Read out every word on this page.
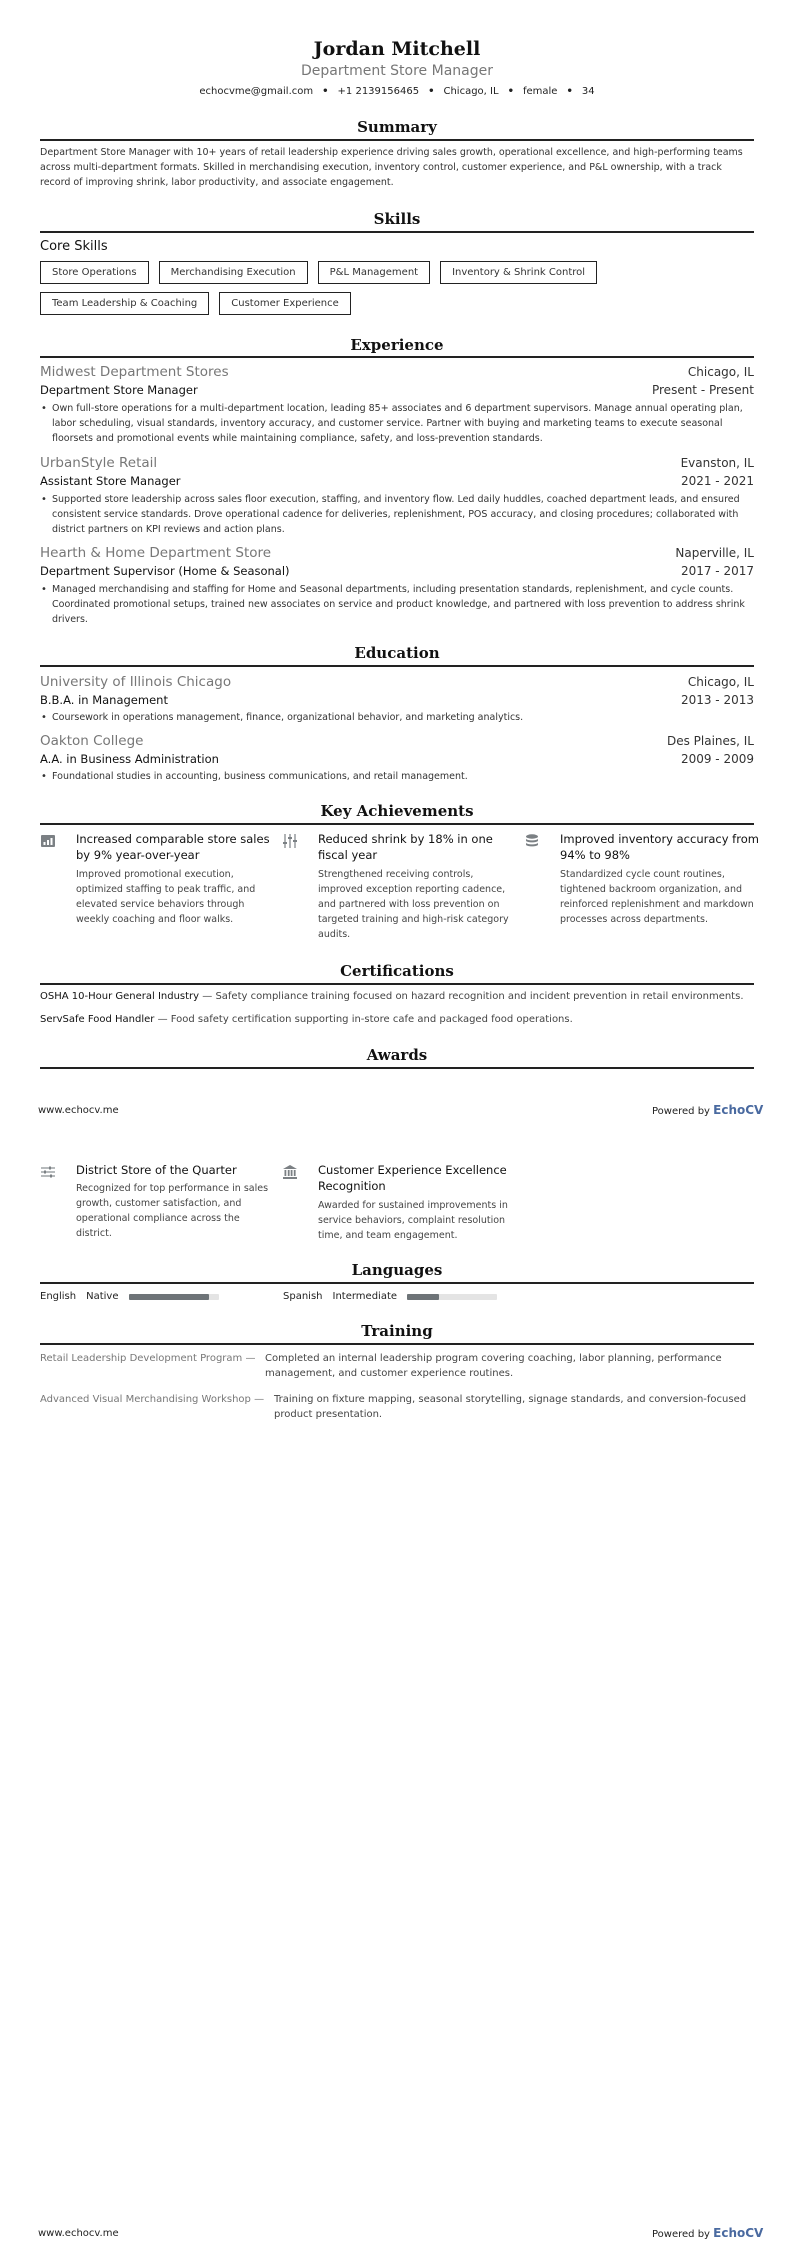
Jordan Mitchell
Department Store Manager
echocvme@gmail.com • +1 2139156465 • Chicago, IL • female • 34
Summary
Department Store Manager with 10+ years of retail leadership experience driving sales growth, operational excellence, and high-performing teams across multi-department formats. Skilled in merchandising execution, inventory control, customer experience, and P&L ownership, with a track record of improving shrink, labor productivity, and associate engagement.
Skills
Core Skills
Store Operations	Merchandising Execution	P&L Management	Inventory & Shrink Control
Team Leadership & Coaching	Customer Experience
Experience
Midwest Department Stores	Chicago, IL
Department Store Manager	Present - Present
• Own full-store operations for a multi-department location, leading 85+ associates and 6 department supervisors. Manage annual operating plan, labor scheduling, visual standards, inventory accuracy, and customer service. Partner with buying and marketing teams to execute seasonal floorsets and promotional events while maintaining compliance, safety, and loss-prevention standards.
UrbanStyle Retail	Evanston, IL
Assistant Store Manager	2021 - 2021
• Supported store leadership across sales floor execution, staffing, and inventory flow. Led daily huddles, coached department leads, and ensured consistent service standards. Drove operational cadence for deliveries, replenishment, POS accuracy, and closing procedures; collaborated with district partners on KPI reviews and action plans.
Hearth & Home Department Store	Naperville, IL
Department Supervisor (Home & Seasonal)	2017 - 2017
• Managed merchandising and staffing for Home and Seasonal departments, including presentation standards, replenishment, and cycle counts. Coordinated promotional setups, trained new associates on service and product knowledge, and partnered with loss prevention to address shrink drivers.
Education
University of Illinois Chicago	Chicago, IL
B.B.A. in Management	2013 - 2013
• Coursework in operations management, finance, organizational behavior, and marketing analytics.
Oakton College	Des Plaines, IL
A.A. in Business Administration	2009 - 2009
• Foundational studies in accounting, business communications, and retail management.
Key Achievements
Increased comparable store sales by 9% year-over-year
Improved promotional execution, optimized staffing to peak traffic, and elevated service behaviors through weekly coaching and floor walks.
Reduced shrink by 18% in one fiscal year
Strengthened receiving controls, improved exception reporting cadence, and partnered with loss prevention on targeted training and high-risk category audits.
Improved inventory accuracy from 94% to 98%
Standardized cycle count routines, tightened backroom organization, and reinforced replenishment and markdown processes across departments.
Certifications
OSHA 10-Hour General Industry — Safety compliance training focused on hazard recognition and incident prevention in retail environments.
ServSafe Food Handler — Food safety certification supporting in-store cafe and packaged food operations.
Awards
www.echocv.me	Powered by EchoCV
District Store of the Quarter
Recognized for top performance in sales growth, customer satisfaction, and operational compliance across the district.
Customer Experience Excellence Recognition
Awarded for sustained improvements in service behaviors, complaint resolution time, and team engagement.
Languages
English Native	Spanish Intermediate
Training
Retail Leadership Development Program — Completed an internal leadership program covering coaching, labor planning, performance management, and customer experience routines.
Advanced Visual Merchandising Workshop — Training on fixture mapping, seasonal storytelling, signage standards, and conversion-focused product presentation.
www.echocv.me	Powered by EchoCV
